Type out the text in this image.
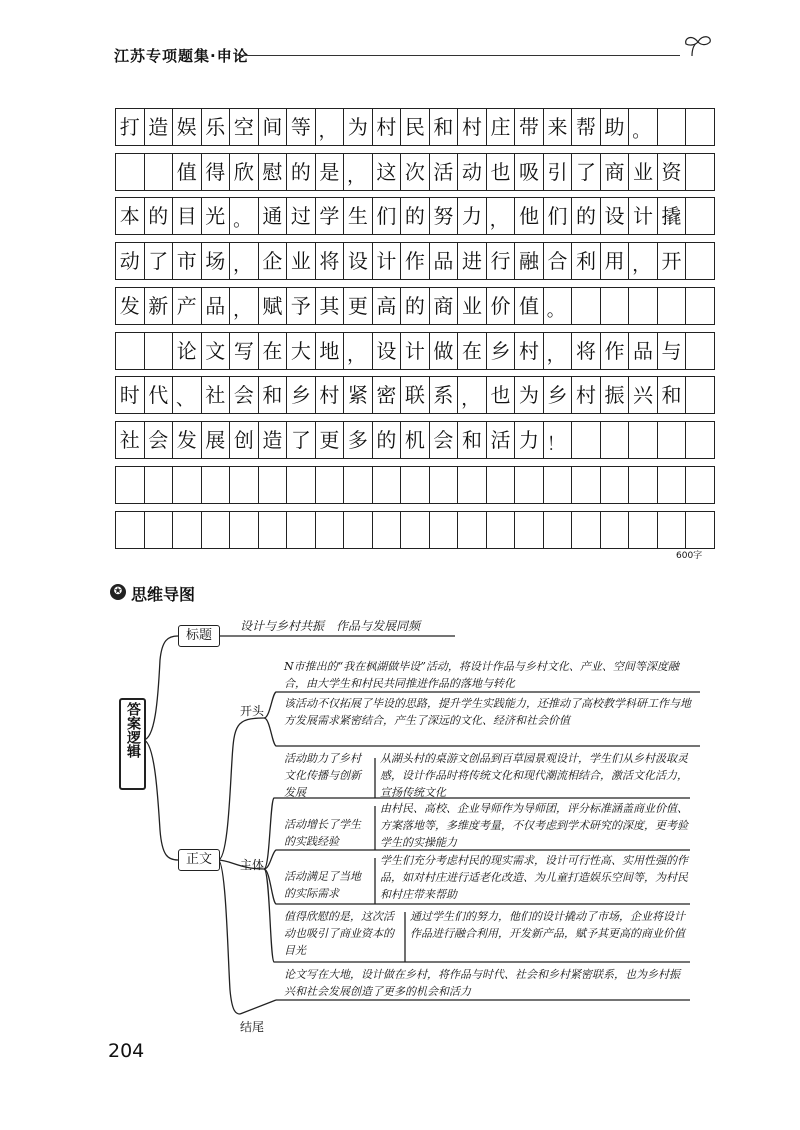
江苏专项题集·申论
打 造 娱 乐 空 间 等 ， 为 村 民 和 村 庄 带 来 帮 助 。
值 得 欣 慰 的 是 ， 这 次 活 动 也 吸 引 了 商 业 资
本 的 目 光 。 通 过 学 生 们 的 努 力 ， 他 们 的 设 计 撬
动 了 市 场 ， 企 业 将 设 计 作 品 进 行 融 合 利 用 ， 开
发 新 产 品 ， 赋 予 其 更 高 的 商 业 价 值 。
论 文 写 在 大 地 ， 设 计 做 在 乡 村 ， 将 作 品 与
时 代 、 社 会 和 乡 村 紧 密 联 系 ， 也 为 乡 村 振 兴 和
社 会 发 展 创 造 了 更 多 的 机 会 和 活 力 ！
600字
✪ 思维导图
答案逻辑
标题
正文
设计与乡村共振　作品与发展同频
开头
N市推出的“我在枫湖做毕设”活动，将设计作品与乡村文化、产业、空间等深度融合，由大学生和村民共同推进作品的落地与转化
该活动不仅拓展了毕设的思路，提升学生实践能力，还推动了高校教学科研工作与地方发展需求紧密结合，产生了深远的文化、经济和社会价值
主体
活动助力了乡村文化传播与创新发展
从湖头村的桌游文创品到百草园景观设计，学生们从乡村汲取灵感，设计作品时将传统文化和现代潮流相结合，激活文化活力，宣扬传统文化
活动增长了学生的实践经验
由村民、高校、企业导师作为导师团，评分标准涵盖商业价值、方案落地等，多维度考量，不仅考虑到学术研究的深度，更考验学生的实操能力
活动满足了当地的实际需求
学生们充分考虑村民的现实需求，设计可行性高、实用性强的作品，如对村庄进行适老化改造、为儿童打造娱乐空间等，为村民和村庄带来帮助
值得欣慰的是，这次活动也吸引了商业资本的目光
通过学生们的努力，他们的设计撬动了市场，企业将设计作品进行融合利用，开发新产品，赋予其更高的商业价值
结尾
论文写在大地，设计做在乡村，将作品与时代、社会和乡村紧密联系，也为乡村振兴和社会发展创造了更多的机会和活力
204
